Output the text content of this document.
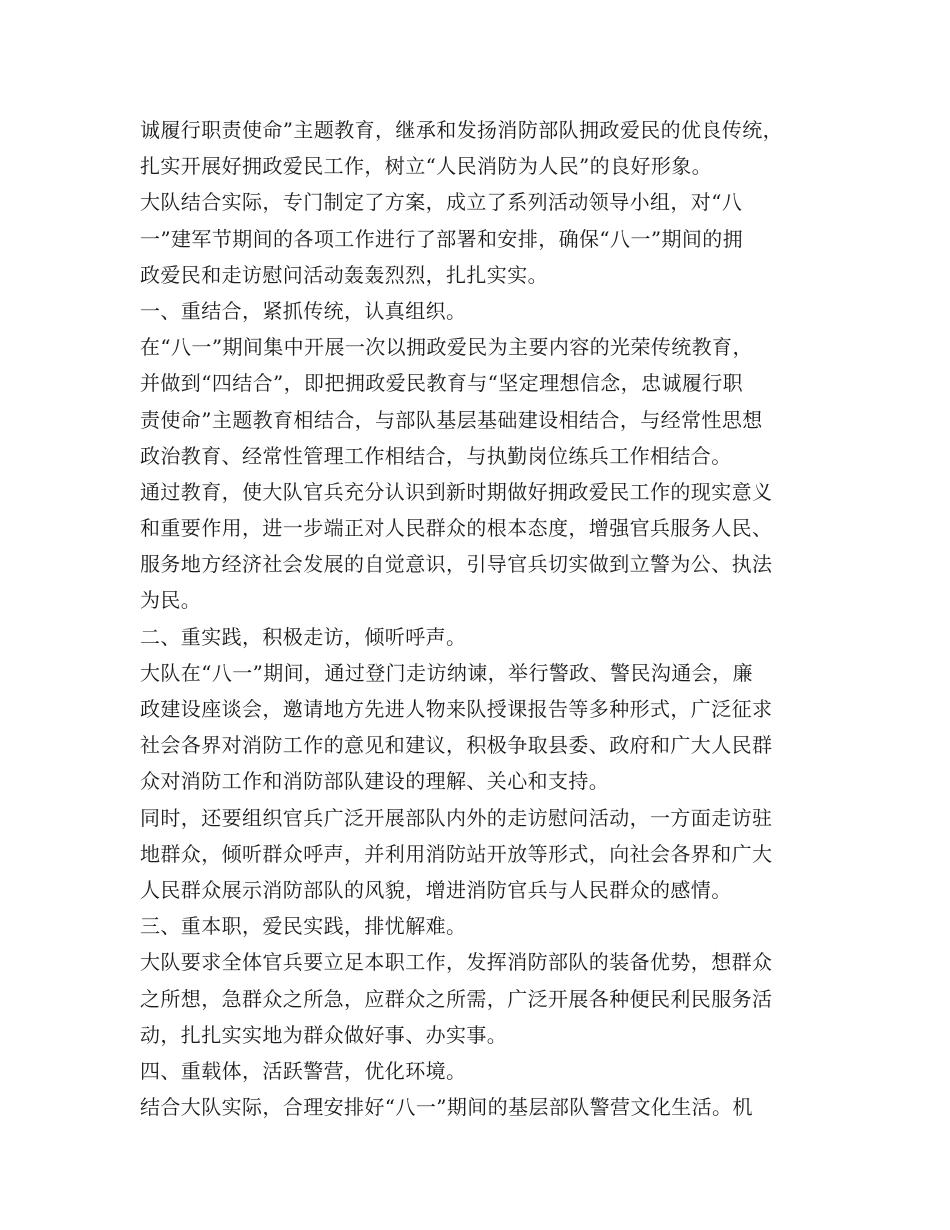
诚履行职责使命”主题教育，继承和发扬消防部队拥政爱民的优良传统，
扎实开展好拥政爱民工作，树立“人民消防为人民”的良好形象。
大队结合实际，专门制定了方案，成立了系列活动领导小组，对“八
一”建军节期间的各项工作进行了部署和安排，确保“八一”期间的拥
政爱民和走访慰问活动轰轰烈烈，扎扎实实。
一、重结合，紧抓传统，认真组织。
在“八一”期间集中开展一次以拥政爱民为主要内容的光荣传统教育，
并做到“四结合”，即把拥政爱民教育与“坚定理想信念，忠诚履行职
责使命”主题教育相结合，与部队基层基础建设相结合，与经常性思想
政治教育、经常性管理工作相结合，与执勤岗位练兵工作相结合。
通过教育，使大队官兵充分认识到新时期做好拥政爱民工作的现实意义
和重要作用，进一步端正对人民群众的根本态度，增强官兵服务人民、
服务地方经济社会发展的自觉意识，引导官兵切实做到立警为公、执法
为民。
二、重实践，积极走访，倾听呼声。
大队在“八一”期间，通过登门走访纳谏，举行警政、警民沟通会，廉
政建设座谈会，邀请地方先进人物来队授课报告等多种形式，广泛征求
社会各界对消防工作的意见和建议，积极争取县委、政府和广大人民群
众对消防工作和消防部队建设的理解、关心和支持。
同时，还要组织官兵广泛开展部队内外的走访慰问活动，一方面走访驻
地群众，倾听群众呼声，并利用消防站开放等形式，向社会各界和广大
人民群众展示消防部队的风貌，增进消防官兵与人民群众的感情。
三、重本职，爱民实践，排忧解难。
大队要求全体官兵要立足本职工作，发挥消防部队的装备优势，想群众
之所想，急群众之所急，应群众之所需，广泛开展各种便民利民服务活
动，扎扎实实地为群众做好事、办实事。
四、重载体，活跃警营，优化环境。
结合大队实际，合理安排好“八一”期间的基层部队警营文化生活。机
